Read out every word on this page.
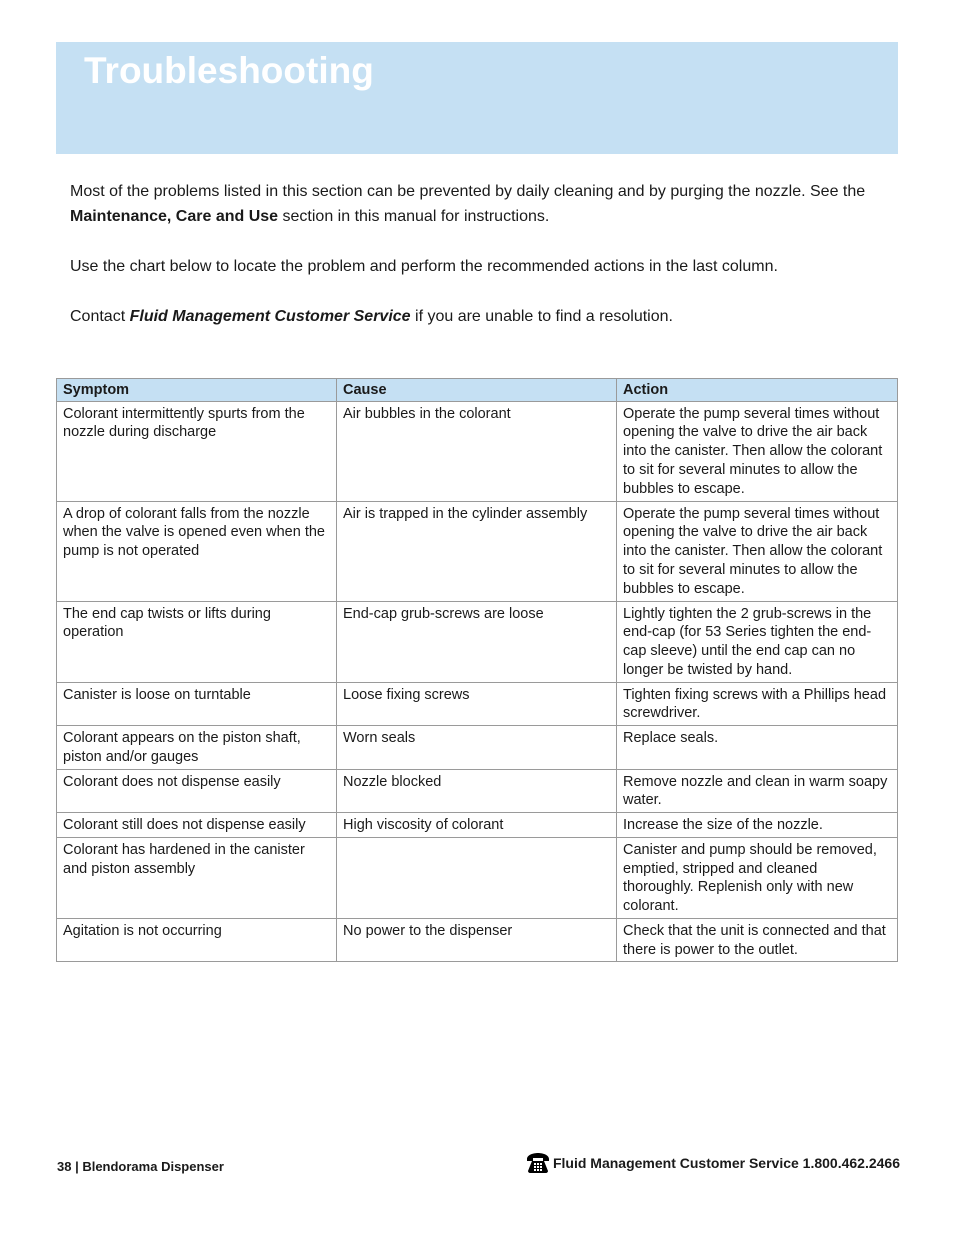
Troubleshooting

Most of the problems listed in this section can be prevented by daily cleaning and by purging the nozzle. See the Maintenance, Care and Use section in this manual for instructions.

Use the chart below to locate the problem and perform the recommended actions in the last column.

Contact Fluid Management Customer Service if you are unable to find a resolution.

Symptom	Cause	Action
Colorant intermittently spurts from the nozzle during discharge	Air bubbles in the colorant	Operate the pump several times without opening the valve to drive the air back into the canister. Then allow the colorant to sit for several minutes to allow the bubbles to escape.
A drop of colorant falls from the nozzle when the valve is opened even when the pump is not operated	Air is trapped in the cylinder assembly	Operate the pump several times without opening the valve to drive the air back into the canister. Then allow the colorant to sit for several minutes to allow the bubbles to escape.
The end cap twists or lifts during operation	End-cap grub-screws are loose	Lightly tighten the 2 grub-screws in the end-cap (for 53 Series tighten the end-cap sleeve) until the end cap can no longer be twisted by hand.
Canister is loose on turntable	Loose fixing screws	Tighten fixing screws with a Phillips head screwdriver.
Colorant appears on the piston shaft, piston and/or gauges	Worn seals	Replace seals.
Colorant does not dispense easily	Nozzle blocked	Remove nozzle and clean in warm soapy water.
Colorant still does not dispense easily	High viscosity of colorant	Increase the size of the nozzle.
Colorant has hardened in the canister and piston assembly		Canister and pump should be removed, emptied, stripped and cleaned thoroughly. Replenish only with new colorant.
Agitation is not occurring	No power to the dispenser	Check that the unit is connected and that there is power to the outlet.
38 | Blendorama Dispenser	Fluid Management Customer Service 1.800.462.2466
